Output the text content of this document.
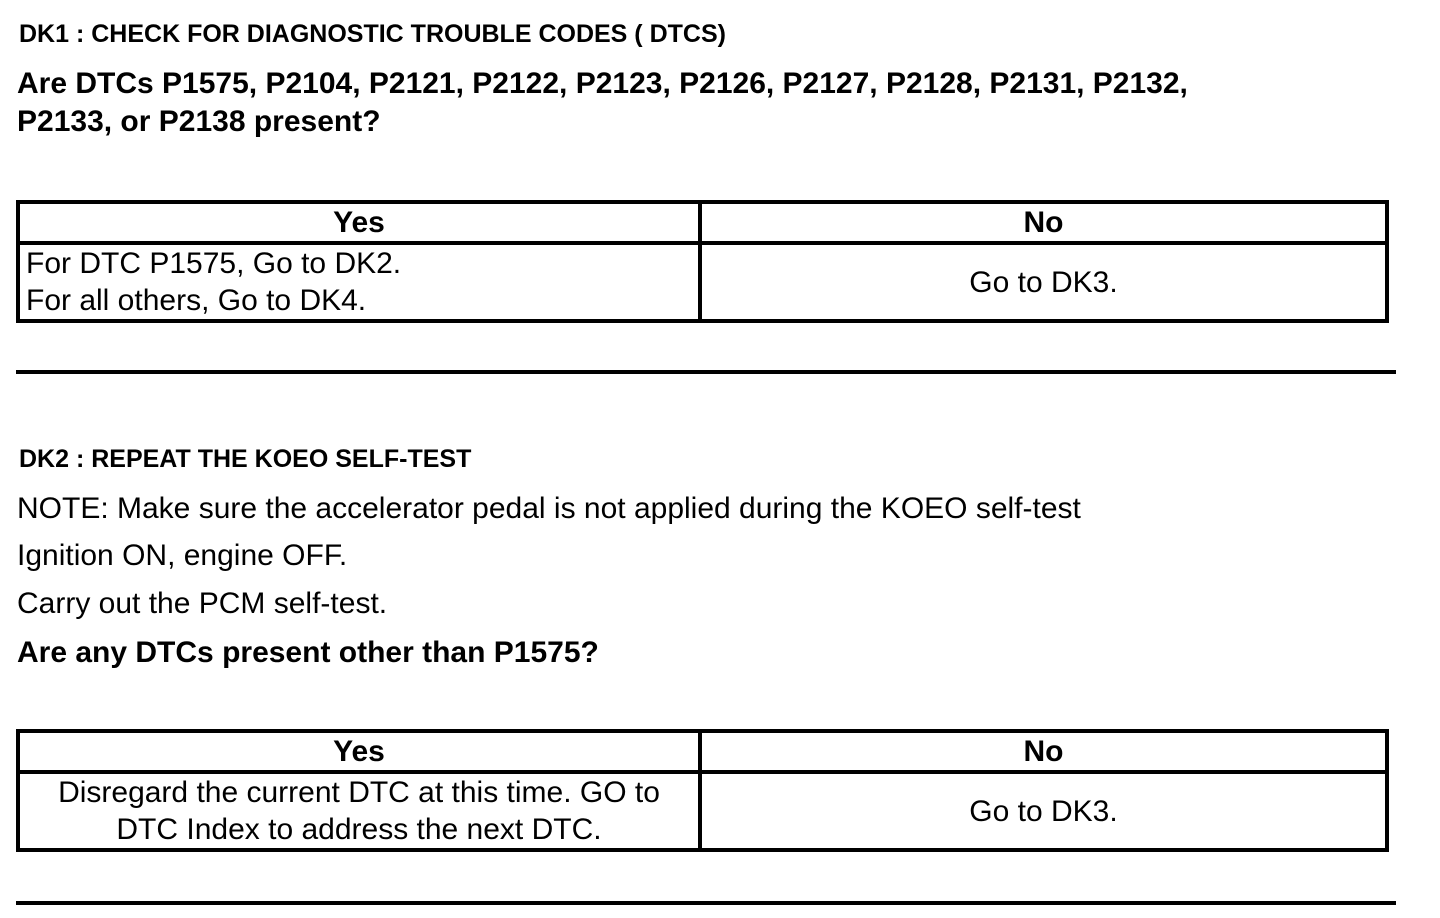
DK1 : CHECK FOR DIAGNOSTIC TROUBLE CODES ( DTCS)
Are DTCs P1575, P2104, P2121, P2122, P2123, P2126, P2127, P2128, P2131, P2132,
P2133, or P2138 present?
Yes	No

For DTC P1575, Go to DK2.
For all others, Go to DK4.	Go to DK3.
DK2 : REPEAT THE KOEO SELF-TEST
NOTE: Make sure the accelerator pedal is not applied during the KOEO self-test
Ignition ON, engine OFF.
Carry out the PCM self-test.
Are any DTCs present other than P1575?
Yes	No

Disregard the current DTC at this time. GO to
DTC Index to address the next DTC.	Go to DK3.
